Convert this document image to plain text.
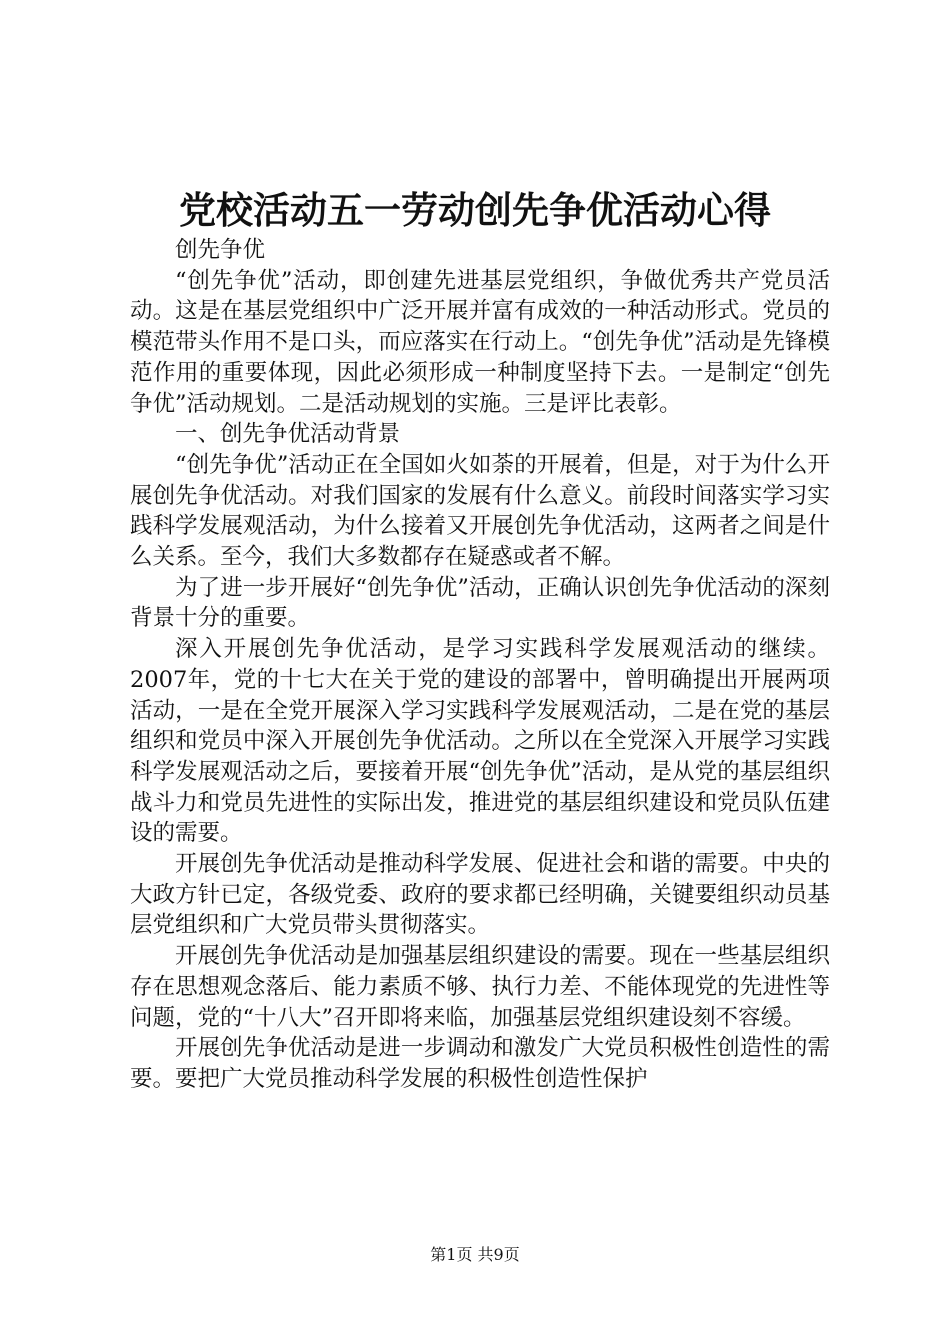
党校活动五一劳动创先争优活动心得

创先争优

“创先争优”活动，即创建先进基层党组织，争做优秀共产党员活动。这是在基层党组织中广泛开展并富有成效的一种活动形式。党员的模范带头作用不是口头，而应落实在行动上。“创先争优”活动是先锋模范作用的重要体现，因此必须形成一种制度坚持下去。一是制定“创先争优”活动规划。二是活动规划的实施。三是评比表彰。

一、创先争优活动背景

“创先争优”活动正在全国如火如荼的开展着，但是，对于为什么开展创先争优活动。对我们国家的发展有什么意义。前段时间落实学习实践科学发展观活动，为什么接着又开展创先争优活动，这两者之间是什么关系。至今，我们大多数都存在疑惑或者不解。

为了进一步开展好“创先争优”活动，正确认识创先争优活动的深刻背景十分的重要。

深入开展创先争优活动，是学习实践科学发展观活动的继续。2007年，党的十七大在关于党的建设的部署中，曾明确提出开展两项活动，一是在全党开展深入学习实践科学发展观活动，二是在党的基层组织和党员中深入开展创先争优活动。之所以在全党深入开展学习实践科学发展观活动之后，要接着开展“创先争优”活动，是从党的基层组织战斗力和党员先进性的实际出发，推进党的基层组织建设和党员队伍建设的需要。

开展创先争优活动是推动科学发展、促进社会和谐的需要。中央的大政方针已定，各级党委、政府的要求都已经明确，关键要组织动员基层党组织和广大党员带头贯彻落实。

开展创先争优活动是加强基层组织建设的需要。现在一些基层组织存在思想观念落后、能力素质不够、执行力差、不能体现党的先进性等问题，党的“十八大”召开即将来临，加强基层党组织建设刻不容缓。

开展创先争优活动是进一步调动和激发广大党员积极性创造性的需要。要把广大党员推动科学发展的积极性创造性保护

第1页 共9页
